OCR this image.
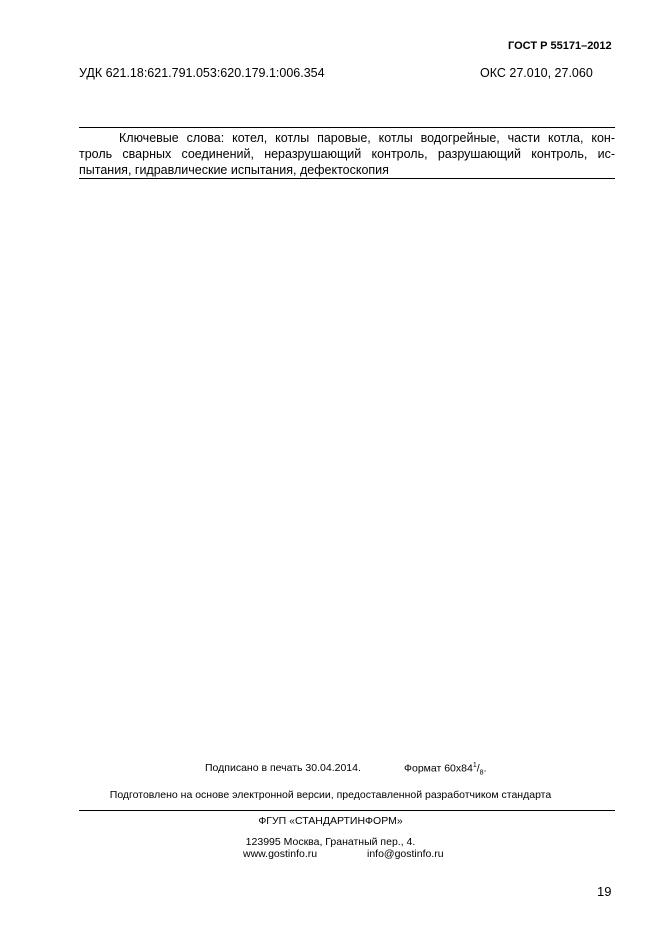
ГОСТ Р 55171–2012
УДК 621.18:621.791.053:620.179.1:006.354	ОКС 27.010, 27.060
Ключевые слова: котел, котлы паровые, котлы водогрейные, части котла, кон-
троль сварных соединений, неразрушающий контроль, разрушающий контроль, ис-
пытания, гидравлические испытания, дефектоскопия
Подписано в печать 30.04.2014.	Формат $60x84^1/_8$.
Подготовлено на основе электронной версии, предоставленной разработчиком стандарта
ФГУП «СТАНДАРТИНФОРМ»
123995 Москва, Гранатный пер., 4.
www.gostinfo.ru	info@gostinfo.ru
19
